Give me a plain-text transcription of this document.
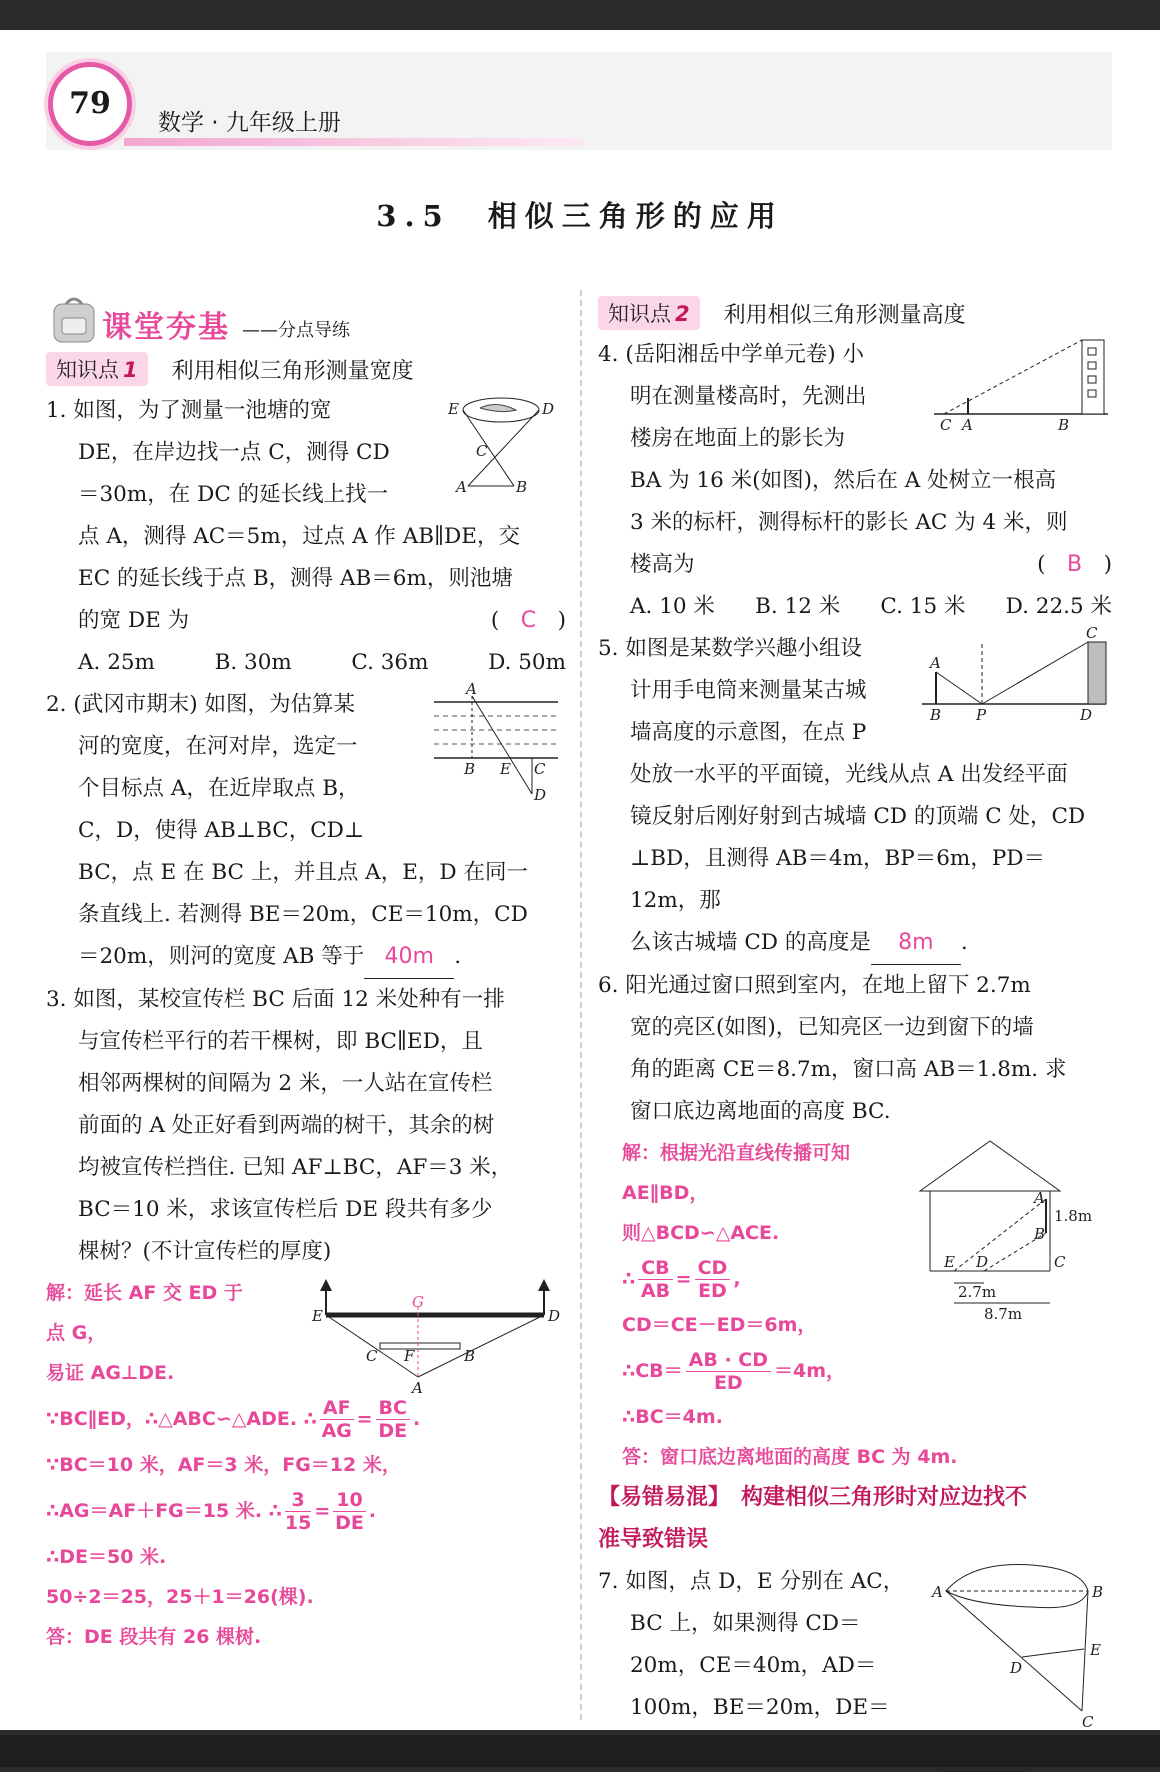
79
数学 · 九年级上册
3.5　相似三角形的应用
课堂夯基 ——分点导练
知识点 1	利用相似三角形测量宽度
E	D
C
A	B

1. 如图，为了测量一池塘的宽

DE，在岸边找一点 C，测得 CD

＝30m，在 DC 的延长线上找一

点 A，测得 AC＝5m，过点 A 作 AB∥DE，交

EC 的延长线于点 B，测得 AB＝6m，则池塘

的宽 DE 为	(　C　)

A. 25m	B. 30m	C. 36m	D. 50m
A
B E C
D

2. (武冈市期末) 如图，为估算某

河的宽度，在河对岸，选定一

个目标点 A，在近岸取点 B，

C，D，使得 AB⊥BC，CD⊥

BC，点 E 在 BC 上，并且点 A，E，D 在同一

条直线上. 若测得 BE＝20m，CE＝10m，CD

＝20m，则河的宽度 AB 等于 40m .

3. 如图，某校宣传栏 BC 后面 12 米处种有一排

与宣传栏平行的若干棵树，即 BC∥ED，且

相邻两棵树的间隔为 2 米，一人站在宣传栏

前面的 A 处正好看到两端的树干，其余的树

均被宣传栏挡住. 已知 AF⊥BC，AF＝3 米，

BC＝10 米，求该宣传栏后 DE 段共有多少

棵树？(不计宣传栏的厚度)

G
E	D
C F	B
A

解：延长 AF 交 ED 于

点 G，

易证 AG⊥DE.

∵BC∥ED，∴△ABC∽△ADE. ∴ $\frac{AF}{AG} = \frac{BC}{DE}$ .

∵BC＝10 米，AF＝3 米，FG＝12 米，

∴AG＝AF＋FG＝15 米. ∴ $\frac{3}{15} = \frac{10}{DE}$ .

∴DE＝50 米.

50÷2＝25，25＋1＝26(棵).

答：DE 段共有 26 棵树.

知识点 2	利用相似三角形测量高度
C A	B

4. (岳阳湘岳中学单元卷) 小

明在测量楼高时，先测出

楼房在地面上的影长为

BA 为 16 米(如图)，然后在 A 处树立一根高

3 米的标杆，测得标杆的影长 AC 为 4 米，则

楼高为	(　B　)

A. 10 米 B. 12 米 C. 15 米 D. 22.5 米
A
B P	D
C

5. 如图是某数学兴趣小组设

计用手电筒来测量某古城

墙高度的示意图，在点 P

处放一水平的平面镜，光线从点 A 出发经平面

镜反射后刚好射到古城墙 CD 的顶端 C 处，CD

⊥BD，且测得 AB＝4m，BP＝6m，PD＝12m，那

么该古城墙 CD 的高度是 8m .

6. 阳光通过窗口照到室内，在地上留下 2.7m

宽的亮区(如图)，已知亮区一边到窗下的墙

角的距离 CE＝8.7m，窗口高 AB＝1.8m. 求

窗口底边离地面的高度 BC.

A
B
C
E D
1.8m
2.7m
8.7m

解：根据光沿直线传播可知

AE∥BD，

则△BCD∽△ACE.

∴ $\frac{CB}{AB} = \frac{CD}{ED}$ ,

CD＝CE－ED＝6m，

∴CB＝ $\frac{AB \cdot CD}{ED} =4m$，

∴BC＝4m.

答：窗口底边离地面的高度 BC 为 4m.

【易错易混】　 构建相似三角形时对应边找不

准导致错误

A	B
E
D
C

7. 如图，点 D，E 分别在 AC，

BC 上，如果测得 CD＝

20m，CE＝40m，AD＝

100m，BE＝20m，DE＝
